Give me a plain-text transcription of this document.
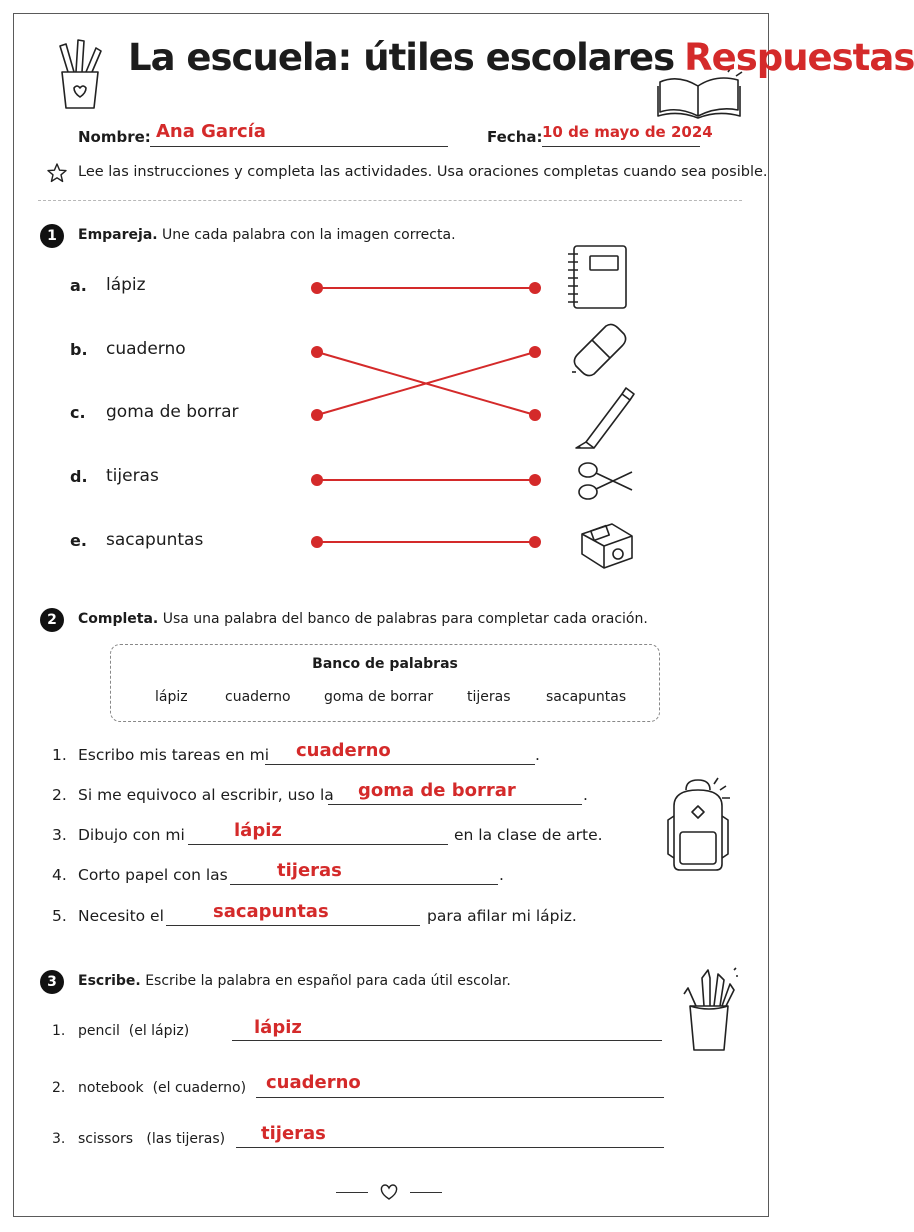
La escuela: útiles escolares Respuestas
Nombre: Ana García	Fecha: 10 de mayo de 2024
Lee las instrucciones y completa las actividades. Usa oraciones completas cuando sea posible.
1	Empareja. Une cada palabra con la imagen correcta.
a. lápiz
b. cuaderno
c. goma de borrar
d. tijeras
e. sacapuntas
2	Completa. Usa una palabra del banco de palabras para completar cada oración.
Banco de palabras
lápiz	cuaderno goma de borrar tijeras	sacapuntas
1. Escribo mis tareas en mi cuaderno	.
2. Si me equivoco al escribir, uso la goma de borrar	.
3. Dibujo con mi	lápiz	en la clase de arte.
4. Corto papel con las	tijeras	.
5. Necesito el	sacapuntas	para afilar mi lápiz.
3	Escribe. Escribe la palabra en español para cada útil escolar.
1. pencil  (el lápiz)	lápiz
2. notebook  (el cuaderno) cuaderno
3. scissors   (las tijeras) tijeras
